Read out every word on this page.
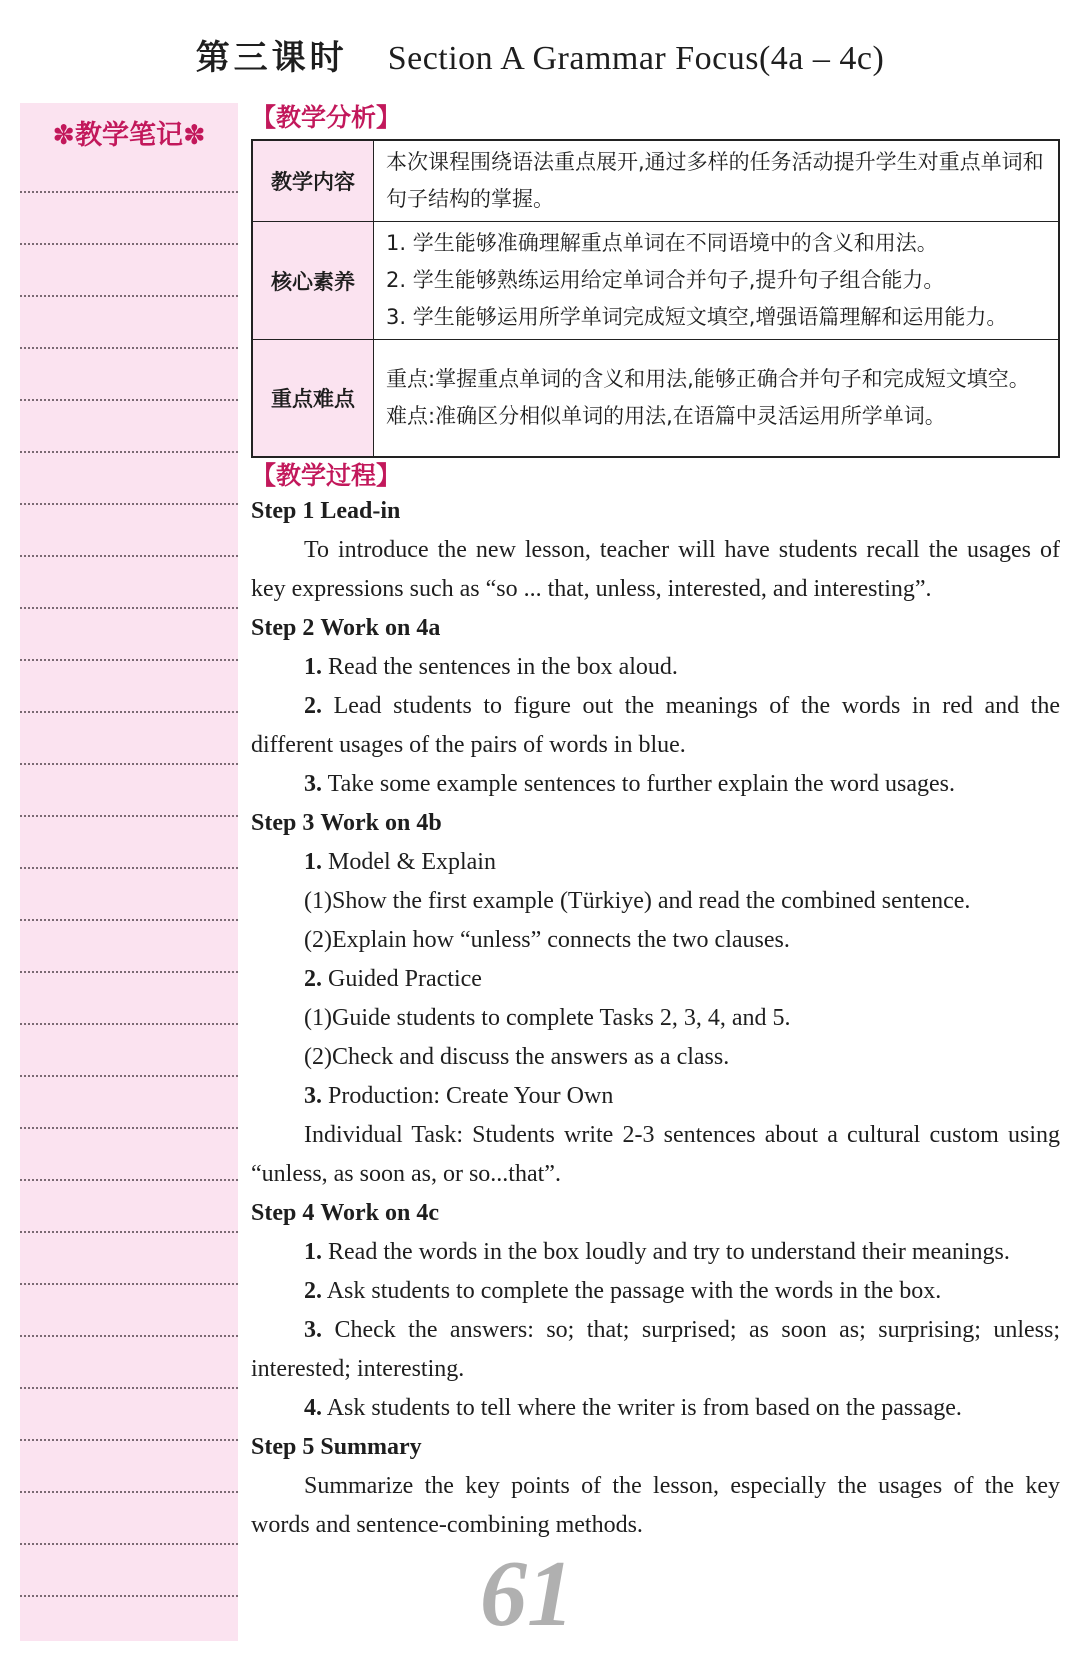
第三课时 Section A Grammar Focus(4a – 4c)
✽教学笔记✽
【教学分析】
教学内容	本次课程围绕语法重点展开,通过多样的任务活动提升学生对重点单词和句子结构的掌握。

核心素养	1. 学生能够准确理解重点单词在不同语境中的含义和用法。
2. 学生能够熟练运用给定单词合并句子,提升句子组合能力。
3. 学生能够运用所学单词完成短文填空,增强语篇理解和运用能力。

重点难点	重点:掌握重点单词的含义和用法,能够正确合并句子和完成短文填空。
难点:准确区分相似单词的用法,在语篇中灵活运用所学单词。
【教学过程】

Step 1 Lead-in

To introduce the new lesson, teacher will have students recall the usages of key expressions such as “so ... that, unless, interested, and interesting”.

Step 2 Work on 4a

1. Read the sentences in the box aloud.

2. Lead students to figure out the meanings of the words in red and the different usages of the pairs of words in blue.

3. Take some example sentences to further explain the word usages.

Step 3 Work on 4b

1. Model & Explain

(1)Show the first example (Türkiye) and read the combined sentence.

(2)Explain how “unless” connects the two clauses.

2. Guided Practice

(1)Guide students to complete Tasks 2, 3, 4, and 5.

(2)Check and discuss the answers as a class.

3. Production: Create Your Own

Individual Task: Students write 2-3 sentences about a cultural custom using “unless, as soon as, or so...that”.

Step 4 Work on 4c

1. Read the words in the box loudly and try to understand their meanings.

2. Ask students to complete the passage with the words in the box.

3. Check the answers: so; that; surprised; as soon as; surprising; unless; interested; interesting.

4. Ask students to tell where the writer is from based on the passage.

Step 5 Summary

Summarize the key points of the lesson, especially the usages of the key words and sentence-combining methods.

61
